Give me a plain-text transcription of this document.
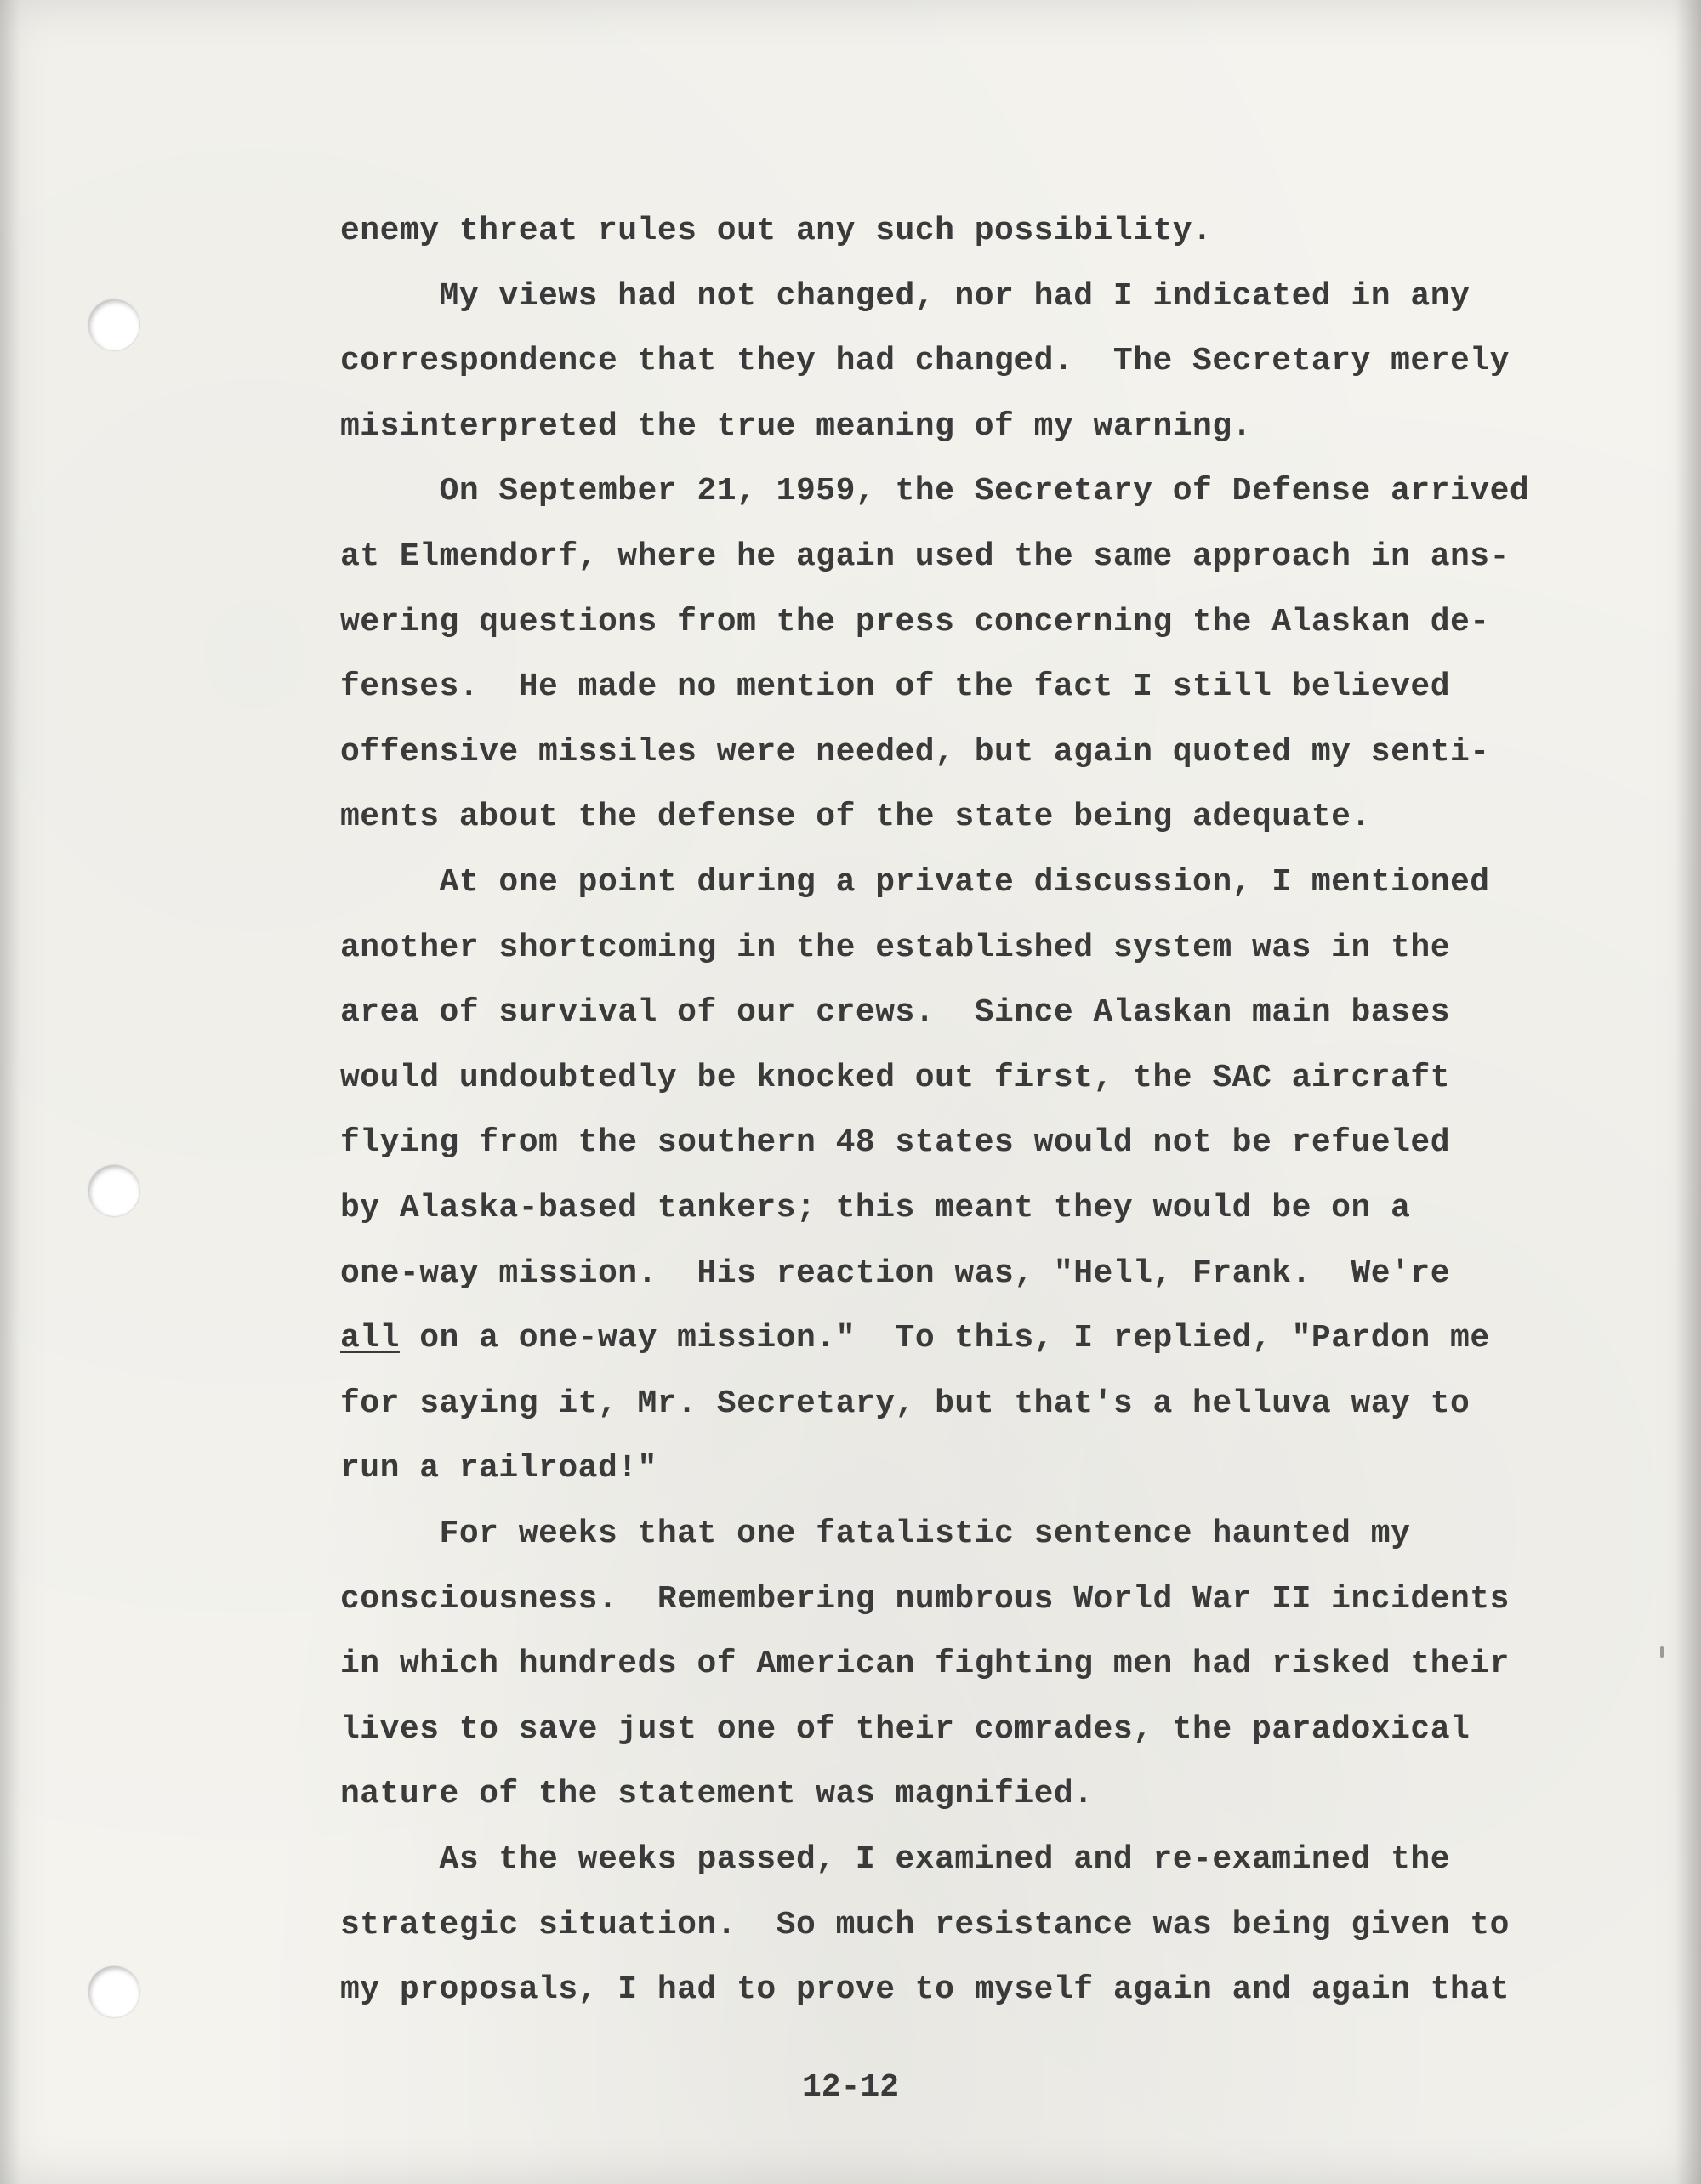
enemy threat rules out any such possibility.
My views had not changed, nor had I indicated in any
correspondence that they had changed.  The Secretary merely
misinterpreted the true meaning of my warning.
On September 21, 1959, the Secretary of Defense arrived
at Elmendorf, where he again used the same approach in ans-
wering questions from the press concerning the Alaskan de-
fenses.  He made no mention of the fact I still believed
offensive missiles were needed, but again quoted my senti-
ments about the defense of the state being adequate.
At one point during a private discussion, I mentioned
another shortcoming in the established system was in the
area of survival of our crews.  Since Alaskan main bases
would undoubtedly be knocked out first, the SAC aircraft
flying from the southern 48 states would not be refueled
by Alaska-based tankers; this meant they would be on a
one-way mission.  His reaction was, "Hell, Frank.  We're
all on a one-way mission."  To this, I replied, "Pardon me
for saying it, Mr. Secretary, but that's a helluva way to
run a railroad!"
For weeks that one fatalistic sentence haunted my
consciousness.  Remembering numbrous World War II incidents
in which hundreds of American fighting men had risked their
lives to save just one of their comrades, the paradoxical
nature of the statement was magnified.
As the weeks passed, I examined and re-examined the
strategic situation.  So much resistance was being given to
my proposals, I had to prove to myself again and again that
12-12
